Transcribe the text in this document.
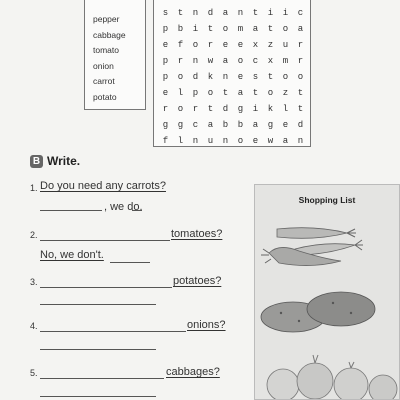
pepper
cabbage
tomato
onion
carrot
potato
s t n d a n t i i c
p b i t o m a t o a
e f o r e e x z u r
p r n w a o c x m r
p o d k n e s t o o
e l p o t a t o z t
r o r t d g i k l t
g g c a b b a g e d
f l n u n o e w a n
B Write.
1. Do you need any carrots?
, we do.
2.	tomatoes?
No, we don't.
3.	potatoes?
4.	onions?
5.	cabbages?
Shopping List
